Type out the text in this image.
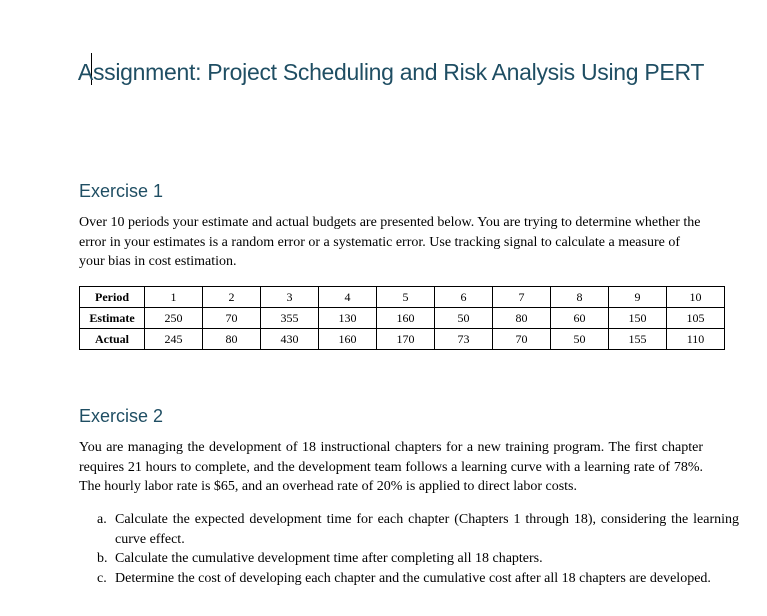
Assignment: Project Scheduling and Risk Analysis Using PERT
Exercise 1
Over 10 periods your estimate and actual budgets are presented below. You are trying to determine whether the error in your estimates is a random error or a systematic error. Use tracking signal to calculate a measure of your bias in cost estimation.
Period	1	2	3	4	5	6	7	8	9	10
Estimate	250	70	355	130	160	50	80	60	150	105
Actual	245	80	430	160	170	73	70	50	155	110
Exercise 2
You are managing the development of 18 instructional chapters for a new training program. The first chapter requires 21 hours to complete, and the development team follows a learning curve with a learning rate of 78%. The hourly labor rate is $65, and an overhead rate of 20% is applied to direct labor costs.
a. Calculate the expected development time for each chapter (Chapters 1 through 18), considering the learning curve effect.
b. Calculate the cumulative development time after completing all 18 chapters.
c. Determine the cost of developing each chapter and the cumulative cost after all 18 chapters are developed.
